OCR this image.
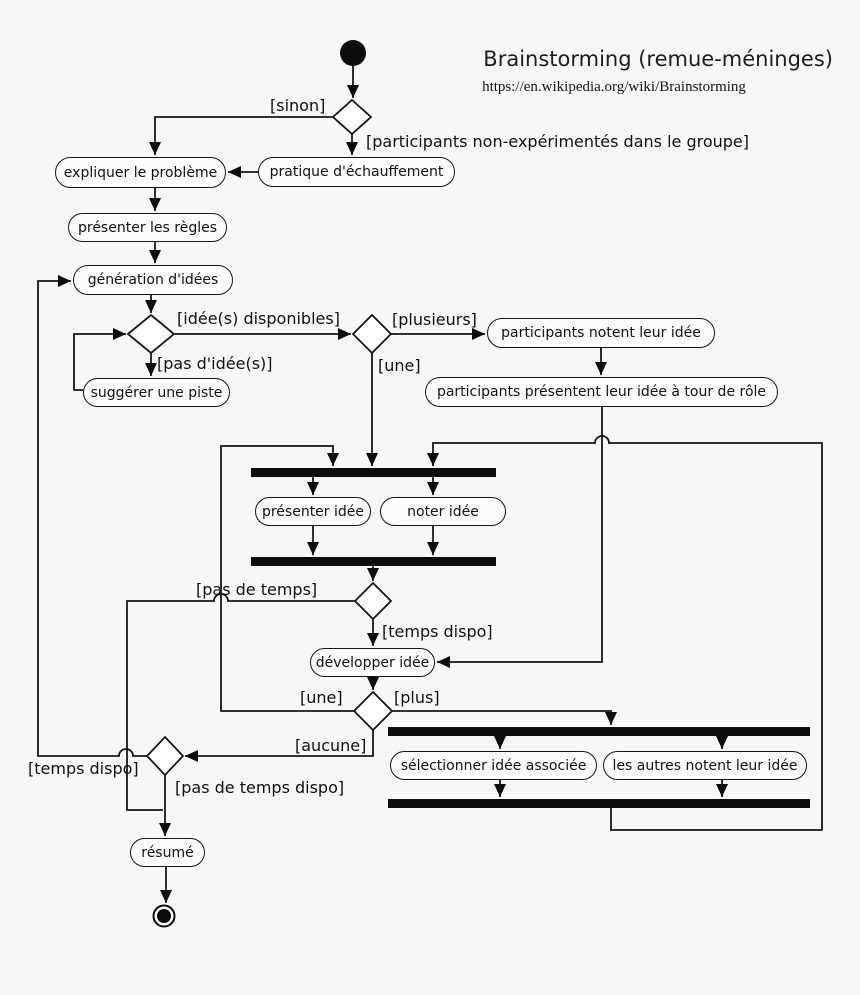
Brainstorming (remue-méninges)
https://en.wikipedia.org/wiki/Brainstorming
expliquer le problème	pratique d'échauffement
présenter les règles
génération d'idées
suggérer une piste
participants notent leur idée
participants présentent leur idée à tour de rôle
présenter idée	noter idée
développer idée
sélectionner idée associée	les autres notent leur idée
résumé
[sinon]
[participants non-expérimentés dans le groupe]
[idée(s) disponibles]
[pas d'idée(s)]
[plusieurs]
[une]
[pas de temps]
[temps dispo]
[une]	[plus]
[aucune]
[temps dispo]
[pas de temps dispo]
